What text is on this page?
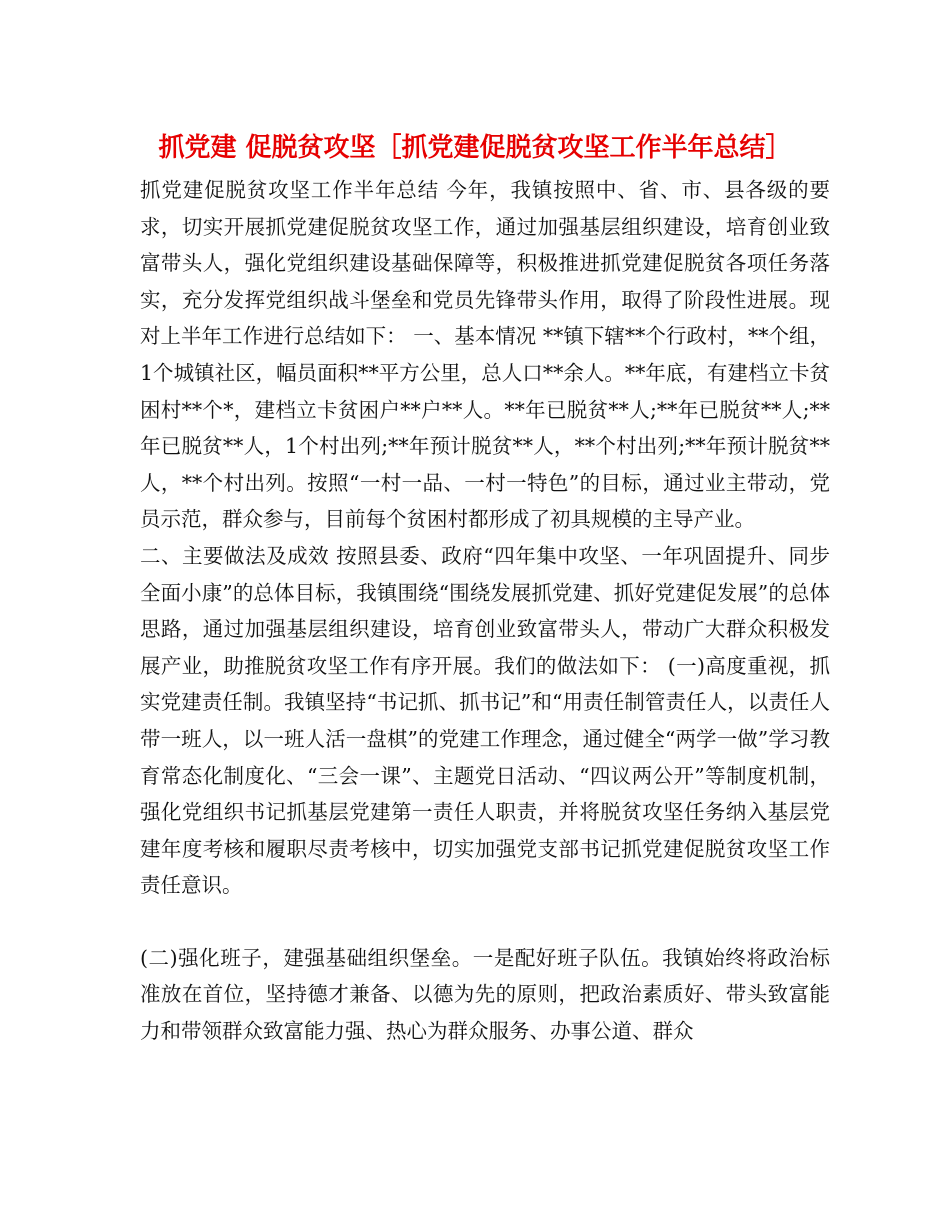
抓党建 促脱贫攻坚［抓党建促脱贫攻坚工作半年总结］

抓党建促脱贫攻坚工作半年总结 今年，我镇按照中、省、市、县各级的要求，切实开展抓党建促脱贫攻坚工作，通过加强基层组织建设，培育创业致富带头人，强化党组织建设基础保障等，积极推进抓党建促脱贫各项任务落实，充分发挥党组织战斗堡垒和党员先锋带头作用，取得了阶段性进展。现对上半年工作进行总结如下： 一、基本情况 **镇下辖**个行政村，**个组，1个城镇社区，幅员面积**平方公里，总人口**余人。**年底，有建档立卡贫困村**个*，建档立卡贫困户**户**人。**年已脱贫**人;**年已脱贫**人;**年已脱贫**人，1个村出列;**年预计脱贫**人，**个村出列;**年预计脱贫**人，**个村出列。按照“一村一品、一村一特色”的目标，通过业主带动，党员示范，群众参与，目前每个贫困村都形成了初具规模的主导产业。

二、主要做法及成效 按照县委、政府“四年集中攻坚、一年巩固提升、同步全面小康”的总体目标，我镇围绕“围绕发展抓党建、抓好党建促发展”的总体思路，通过加强基层组织建设，培育创业致富带头人，带动广大群众积极发展产业，助推脱贫攻坚工作有序开展。我们的做法如下： (一)高度重视，抓实党建责任制。我镇坚持“书记抓、抓书记”和“用责任制管责任人，以责任人带一班人，以一班人活一盘棋”的党建工作理念，通过健全“两学一做”学习教育常态化制度化、“三会一课”、主题党日活动、“四议两公开”等制度机制，强化党组织书记抓基层党建第一责任人职责，并将脱贫攻坚任务纳入基层党建年度考核和履职尽责考核中，切实加强党支部书记抓党建促脱贫攻坚工作责任意识。

(二)强化班子，建强基础组织堡垒。一是配好班子队伍。我镇始终将政治标准放在首位，坚持德才兼备、以德为先的原则，把政治素质好、带头致富能力和带领群众致富能力强、热心为群众服务、办事公道、群众
